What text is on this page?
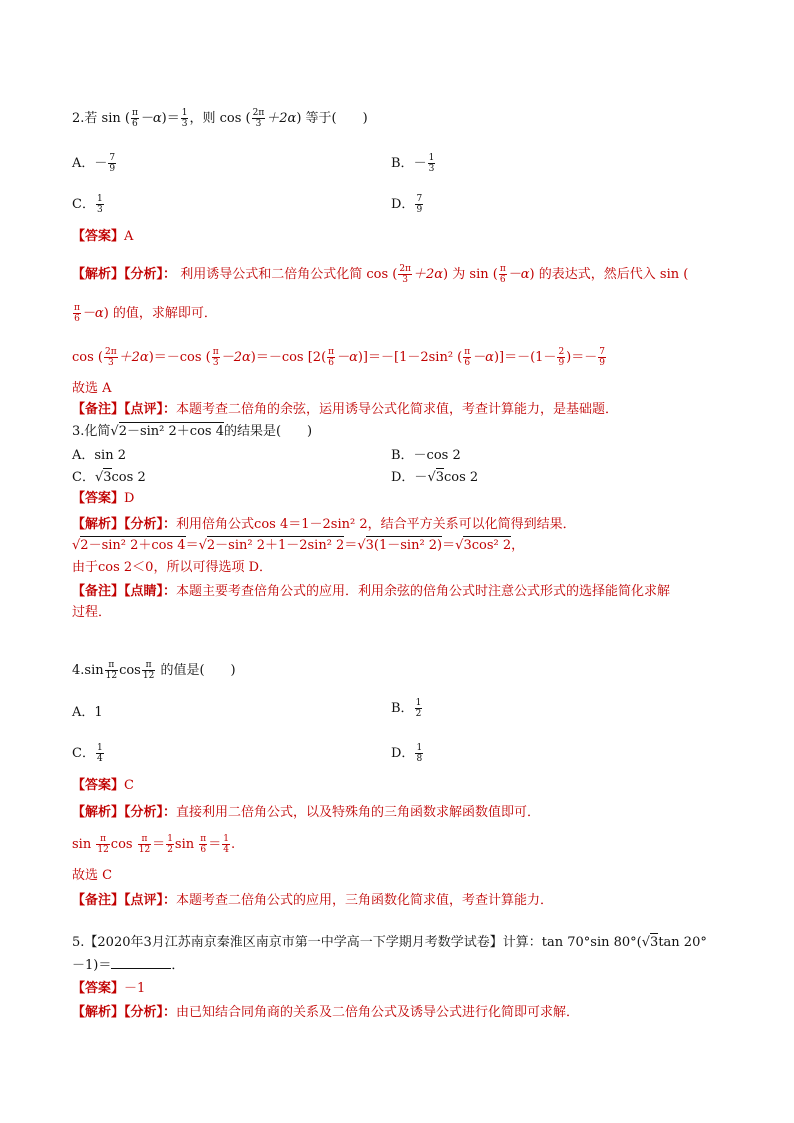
2.若 sin ( $\frac{\pi}{6} -\alpha)= \frac{1}{3}$ ，则 cos ( $\frac{2\pi}{3} +2\alpha$) 等于(　　)
A．－ $\frac{7}{9}$	B．－ $\frac{1}{3}$
C． $\frac{1}{3}$	D． $\frac{7}{9}$
【答案】A
【解析】【分析】： 利用诱导公式和二倍角公式化简 cos ( $\frac{2\pi}{3} +2\alpha$) 为 sin ( $\frac{\pi}{6} -\alpha$) 的表达式，然后代入 sin (
$\frac{\pi}{6} -\alpha$) 的值，求解即可．
cos ( $\frac{2\pi}{3} +2\alpha)=-\cos$ ( $\frac{\pi}{3} -2\alpha)=-\cos$ $[2( \frac{\pi}{6} -\alpha)]=-[1-2\sin^2$ ( $\frac{\pi}{6} -\alpha)]=-(1- \frac{2}{9}$ )＝－ $\frac{7}{9}$
故选 A
【备注】【点评】：本题考查二倍角的余弦，运用诱导公式化简求值，考查计算能力，是基础题．
3.化简√2－sin² 2＋cos 4的结果是(　　)
A．sin 2	B．－cos 2
C．√3cos 2	D．－√3cos 2
【答案】D
【解析】【分析】：利用倍角公式cos 4＝1－2sin² 2，结合平方关系可以化简得到结果．
√2－sin² 2＋cos 4＝√2－sin² 2＋1－2sin² 2＝√3(1－sin² 2)＝√3cos² 2，
由于cos 2＜0，所以可得选项 D．
【备注】【点睛】：本题主要考查倍角公式的应用．利用余弦的倍角公式时注意公式形式的选择能简化求解
过程．
$4.\sin \frac{\pi}{12}$ $\cos \frac{\pi}{12}$ 的值是(　　)
A．1	B． $\frac{1}{2}$
C． $\frac{1}{4}$	D． $\frac{1}{8}$
【答案】C
【解析】【分析】：直接利用二倍角公式，以及特殊角的三角函数求解函数值即可．
$\sin \frac{\pi}{12}$ $\cos \frac{\pi}{12} = \frac{1}{2}$ $\sin \frac{\pi}{6} = \frac{1}{4}$ .
故选 C
【备注】【点评】：本题考查二倍角公式的应用，三角函数化简求值，考查计算能力．
5.【2020年3月江苏南京秦淮区南京市第一中学高一下学期月考数学试卷】计算：tan 70°sin 80°(√3tan 20°
－1)＝	．
【答案】－1
【解析】【分析】：由已知结合同角商的关系及二倍角公式及诱导公式进行化简即可求解．
